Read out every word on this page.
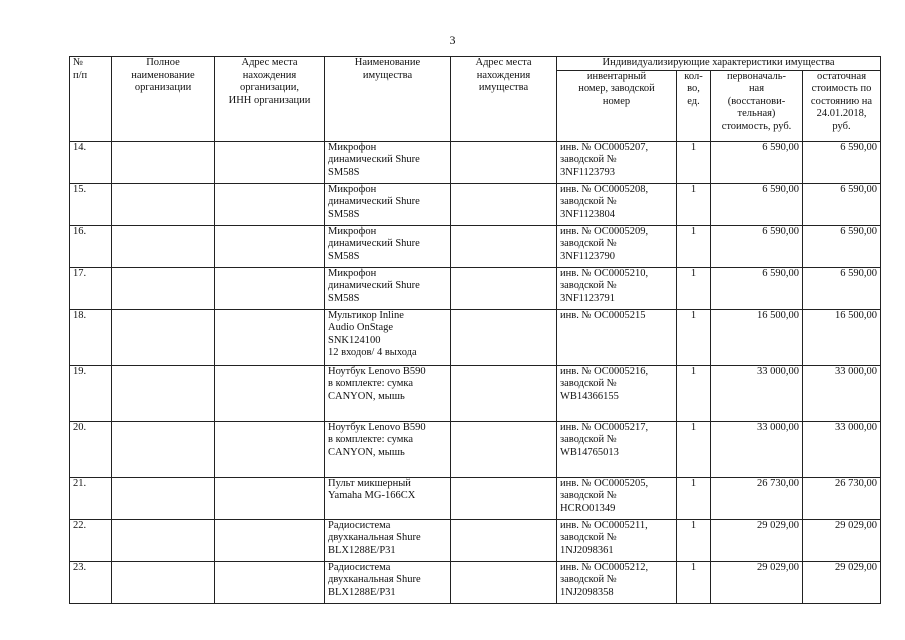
3
№
п/п	Полное
наименование
организации	Адрес места
нахождения
организации,
ИНН организации	Наименование
имущества	Адрес места
нахождения
имущества	Индивидуализирующие характеристики имущества			
					инвентарный
номер, заводской
номер	кол-
во,
ед.	первоначаль-
ная
(восстанови-
тельная)
стоимость, руб.	остаточная
стоимость по
состоянию на
24.01.2018,
руб.
14.			Микрофон
динамический Shure
SM58S		инв. № ОС0005207,
заводской №
3NF1123793	1	6 590,00	6 590,00
15.			Микрофон
динамический Shure
SM58S		инв. № ОС0005208,
заводской №
3NF1123804	1	6 590,00	6 590,00
16.			Микрофон
динамический Shure
SM58S		инв. № ОС0005209,
заводской №
3NF1123790	1	6 590,00	6 590,00
17.			Микрофон
динамический Shure
SM58S		инв. № ОС0005210,
заводской №
3NF1123791	1	6 590,00	6 590,00
18.			Мультикор Inline
Audio OnStage
SNK124100
12 входов/ 4 выхода		инв. № ОС0005215	1	16 500,00	16 500,00
19.			Ноутбук Lenovo B590
в комплекте: сумка
CANYON, мышь		инв. № ОС0005216,
заводской №
WB14366155	1	33 000,00	33 000,00
20.			Ноутбук Lenovo B590
в комплекте: сумка
CANYON, мышь		инв. № ОС0005217,
заводской №
WB14765013	1	33 000,00	33 000,00
21.			Пульт микшерный
Yamaha MG-166CX		инв. № ОС0005205,
заводской №
HCRO01349	1	26 730,00	26 730,00
22.			Радиосистема
двухканальная Shure
BLX1288E/P31		инв. № ОС0005211,
заводской №
1NJ2098361	1	29 029,00	29 029,00
23.			Радиосистема
двухканальная Shure
BLX1288E/P31		инв. № ОС0005212,
заводской №
1NJ2098358	1	29 029,00	29 029,00
